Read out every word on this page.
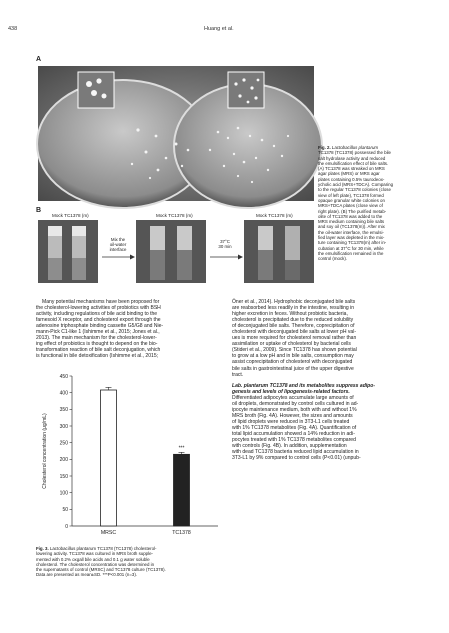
438	Huang et al.
A
B
MRS	MRS+TDCA
Mock TC1378 (m)	Mock TC1378 (m)	Mock TC1378 (m)
Mix the
oil-water
interface
37°C
30 min
Fig. 2. Lactobacillus plantarum
TC1378 (TC1378) possessed the bile
salt hydrolase activity and reduced
the emulsification effect of bile salts.
(A) TC1378 was streaked on MRS
agar plates (MRS) or MRS agar
plates containing 0.5% taurodeox-
ycholic acid (MRS+TDCA). Comparing
to the regular TC1378 colonies (close
view of left plate), TC1378 formed
opaque granular white colonies on
MRS+TDCA plates (close view of
right plate). (B) The purified metab-
olite of TC1378 was added to the
MRS medium containing bile salts
and soy oil (TC1378(m)). After mix
the oil-water interface, the emulsi-
fied layer was depleted in the mix-
ture containing TC1378(m) after in-
cubation at 37°C for 30 min, while
the emulsification remained in the
control (mock).
Many potential mechanisms have been proposed for
the cholesterol-lowering activities of probiotics with BSH
activity, including regulations of bile acid binding to the
farnesoid X receptor, and cholesterol export through the
adenosine triphosphate binding cassette G5/G8 and Nie-
mann-Pick C1-like 1 (Ishimme et al., 2015; Jones et al.,
2013). The main mechanism for the cholesterol-lower-
ing effect of probiotics is thought to depend on the bio-
transformation reaction of bile salt deconjugation, which
is functional in bile detoxification (Ishimme et al., 2015;
Öner et al., 2014). Hydrophobic deconjugated bile salts
are reabsorbed less readily in the intestine, resulting in
higher excretion in feces. Without probiotic bacteria,
cholesterol is precipitated due to the reduced solubility
of deconjugated bile salts. Therefore, coprecipitation of
cholesterol with deconjugated bile salts at lower pH val-
ues is more required for cholesterol removal rather than
assimilation or uptake of cholesterol by bacterial cells
(Stideri et al., 2009). Since TC1378 has shown potential
to grow at a low pH and in bile salts, consumption may
assist coprecipitation of cholesterol with deconjugated
bile salts in gastrointestinal juice of the upper digestive
tract.
Lab. plantarum TC1378 and its metabolites suppress adipo-
genesis and levels of lipogenesis-related factors.
Differentiated adipocytes accumulate large amounts of
oil droplets, demonstrated by control cells cultured in ad-
ipocyte maintenance medium, both with and without 1%
MRS broth (Fig. 4A). However, the sizes and amounts
of lipid droplets were reduced in 3T3-L1 cells treated
with 1% TC1378 metabolites (Fig. 4A). Quantification of
total lipid accumulation showed a 14% reduction in adi-
pocytes treated with 1% TC1378 metabolites compared
with controls (Fig. 4B). In addition, supplementation
with dead TC1378 bacteria reduced lipid accumulation in
3T3-L1 by 9% compared to control cells (P<0.01) (unpub-
0
50
100
150
200
250
300
350
400
450
Cholesterol concentration (μg/mL)
MRSC	TC1378
***
Fig. 3. Lactobacillus plantarum TC1378 (TC1378) cholesterol-
lowering activity. TC1378 was cultured in MRS broth supple-
mented with 0.2% oxgall bile acids and 0.1 g water soluble
cholesterol. The cholesterol concentration was determined in
the supernatants of control (MRSC) and TC1378 culture (TC1378).
Data are presented as mean±SD. ***P<0.001 (n=3).
